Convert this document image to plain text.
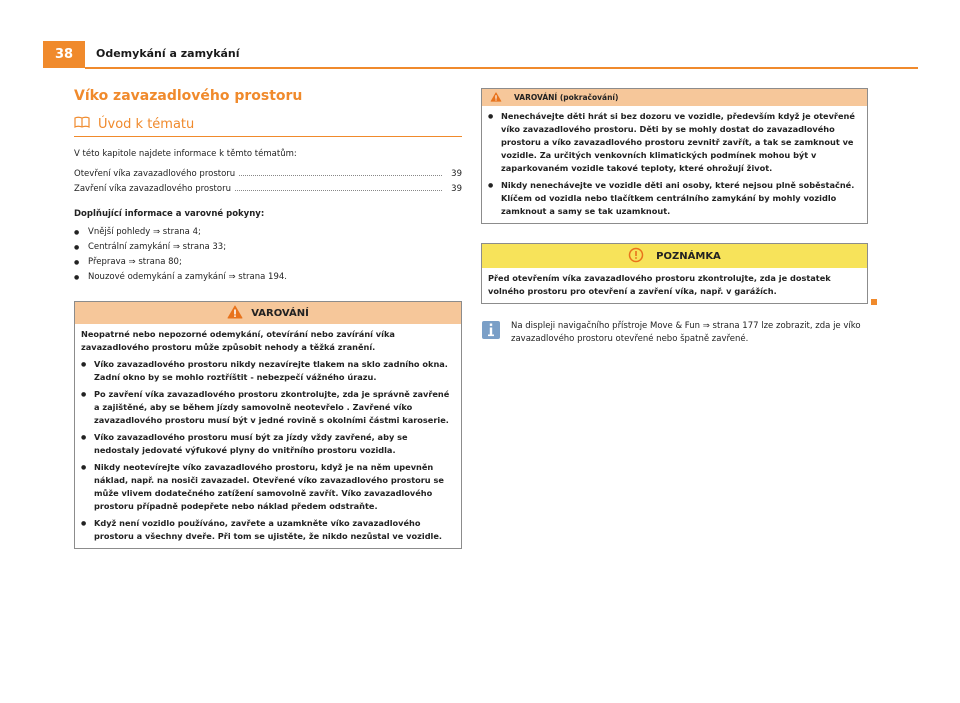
38	Odemykání a zamykání
Víko zavazadlového prostoru
Úvod k tématu

V této kapitole najdete informace k těmto tématům:

Otevření víka zavazadlového prostoru	39
Zavření víka zavazadlového prostoru	39

Doplňující informace a varovné pokyny:

● Vnější pohledy ⇒ strana 4;
● Centrální zamykání ⇒ strana 33;
● Přeprava ⇒ strana 80;
● Nouzové odemykání a zamykání ⇒ strana 194.
VAROVÁNÍ

Neopatrné nebo nepozorné odemykání, otevírání nebo zavírání víka zavazadlového prostoru může způsobit nehody a těžká zranění.

● Víko zavazadlového prostoru nikdy nezavírejte tlakem na sklo zadního okna. Zadní okno by se mohlo roztříštit - nebezpečí vážného úrazu.

● Po zavření víka zavazadlového prostoru zkontrolujte, zda je správně zavřené a zajištěné, aby se během jízdy samovolně neotevřelo . Zavřené víko zavazadlového prostoru musí být v jedné rovině s okolními částmi karoserie.

● Víko zavazadlového prostoru musí být za jízdy vždy zavřené, aby se nedostaly jedovaté výfukové plyny do vnitřního prostoru vozidla.

● Nikdy neotevírejte víko zavazadlového prostoru, když je na něm upevněn náklad, např. na nosiči zavazadel. Otevřené víko zavazadlového prostoru se může vlivem dodatečného zatížení samovolně zavřít. Víko zavazadlového prostoru případně podepřete nebo náklad předem odstraňte.

● Když není vozidlo používáno, zavřete a uzamkněte víko zavazadlového prostoru a všechny dveře. Při tom se ujistěte, že nikdo nezůstal ve vozidle.

VAROVÁNÍ (pokračování)

● Nenechávejte děti hrát si bez dozoru ve vozidle, především když je otevřené víko zavazadlového prostoru. Děti by se mohly dostat do zavazadlového prostoru a víko zavazadlového prostoru zevnitř zavřít, a tak se zamknout ve vozidle. Za určitých venkovních klimatických podmínek mohou být v zaparkovaném vozidle takové teploty, které ohrožují život.

● Nikdy nenechávejte ve vozidle děti ani osoby, které nejsou plně soběstačné. Klíčem od vozidla nebo tlačítkem centrálního zamykání by mohly vozidlo zamknout a samy se tak uzamknout.

POZNÁMKA
Před otevřením víka zavazadlového prostoru zkontrolujte, zda je dostatek volného prostoru pro otevření a zavření víka, např. v garážích.
Na displeji navigačního přístroje Move & Fun ⇒ strana 177 lze zobrazit, zda je víko zavazadlového prostoru otevřené nebo špatně zavřené.
